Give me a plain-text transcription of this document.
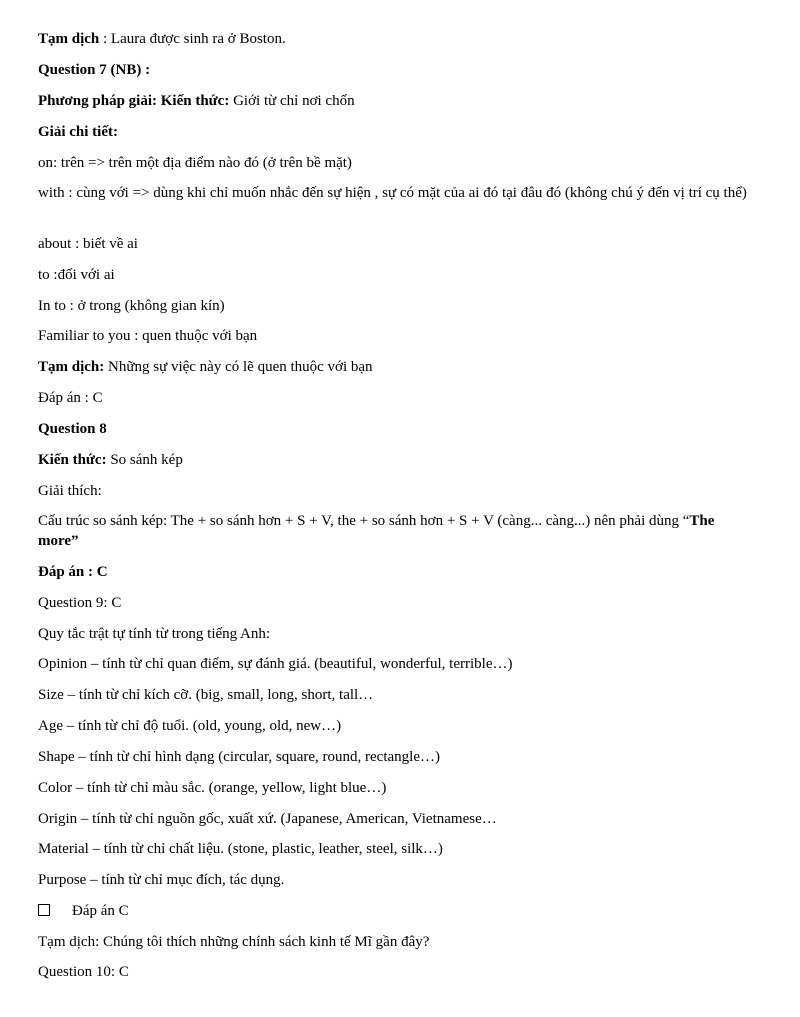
Tạm dịch : Laura được sinh ra ở Boston.
Question 7 (NB) :
Phương pháp giải: Kiến thức: Giới từ chỉ nơi chốn
Giải chi tiết:
on: trên => trên một địa điểm nào đó (ở trên bề mặt)
with : cùng với => dùng khi chỉ muốn nhắc đến sự hiện , sự có mặt của ai đó tại đâu đó (không chú ý đến vị trí cụ thể)
about : biết về ai
to :đối với ai
In to : ở trong (không gian kín)
Familiar to you : quen thuộc với bạn
Tạm dịch: Những sự việc này có lẽ quen thuộc với bạn
Đáp án : C
Question 8
Kiến thức: So sánh kép
Giải thích:
Cấu trúc so sánh kép: The + so sánh hơn + S + V, the + so sánh hơn + S + V (càng... càng...) nên phải dùng “The more”
Đáp án : C
Question 9: C
Quy tắc trật tự tính từ trong tiếng Anh:
Opinion – tính từ chỉ quan điểm, sự đánh giá. (beautiful, wonderful, terrible…)
Size – tính từ chỉ kích cỡ. (big, small, long, short, tall…
Age – tính từ chỉ độ tuổi. (old, young, old, new…)
Shape – tính từ chỉ hình dạng (circular, square, round, rectangle…)
Color – tính từ chỉ màu sắc. (orange, yellow, light blue…)
Origin – tính từ chỉ nguồn gốc, xuất xứ. (Japanese, American, Vietnamese…
Material – tính từ chỉ chất liệu. (stone, plastic, leather, steel, silk…)
Purpose – tính từ chỉ mục đích, tác dụng.
Đáp án C
Tạm dịch: Chúng tôi thích những chính sách kinh tế Mĩ gần đây?
Question 10: C
